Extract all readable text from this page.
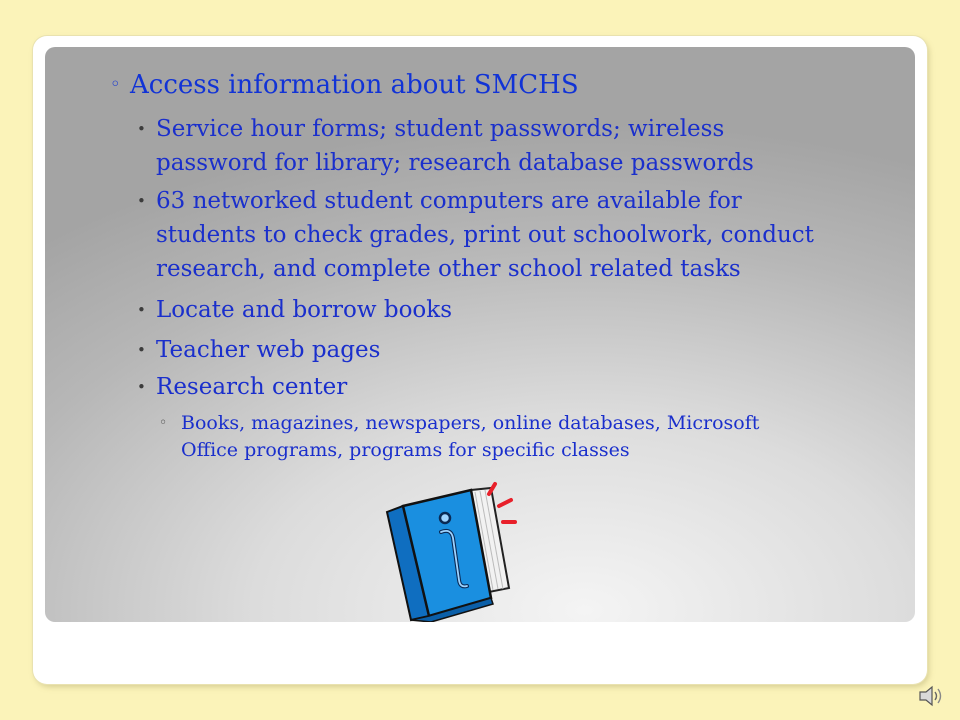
◦ Access information about SMCHS

• Service hour forms; student passwords; wireless
password for library; research database passwords
• 63 networked student computers are available for
students to check grades, print out schoolwork, conduct
research, and complete other school related tasks
• Locate and borrow books
• Teacher web pages
• Research center
◦ Books, magazines, newspapers, online databases, Microsoft
Office programs, programs for specific classes
